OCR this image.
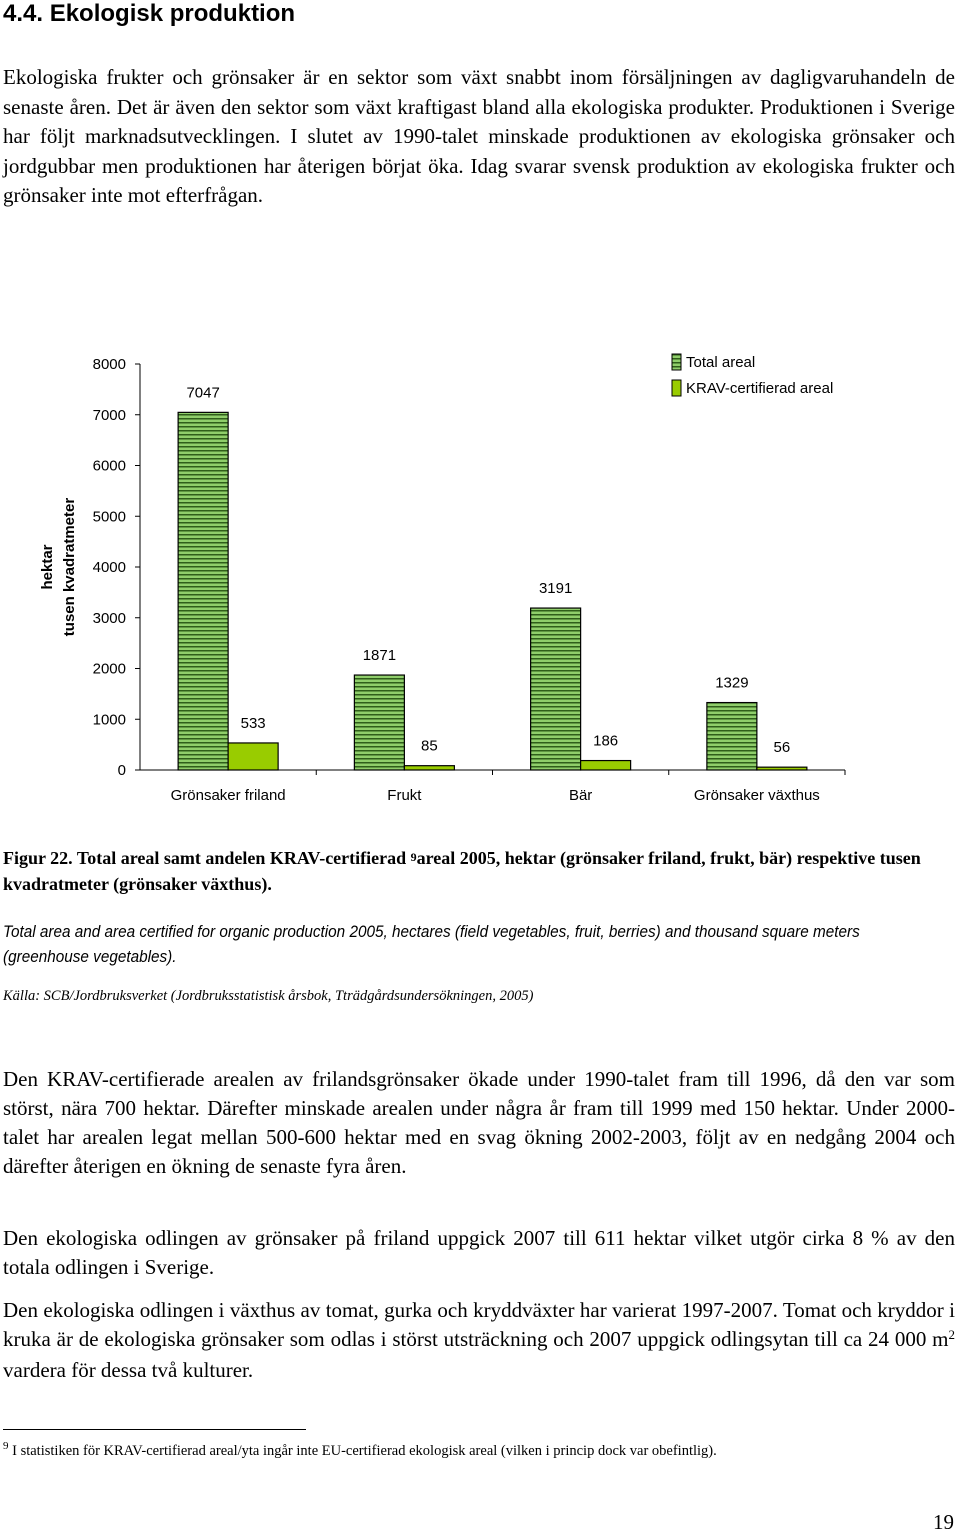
4.4. Ekologisk produktion
Ekologiska frukter och grönsaker är en sektor som växt snabbt inom försäljningen av dagligvaruhandeln de senaste åren. Det är även den sektor som växt kraftigast bland alla ekologiska produkter. Produktionen i Sverige har följt marknadsutvecklingen. I slutet av 1990-talet minskade produktionen av ekologiska grönsaker och jordgubbar men produktionen har återigen börjat öka. Idag svarar svensk produktion av ekologiska frukter och grönsaker inte mot efterfrågan.
0
1000
2000
3000
4000
5000
6000
7000
8000
hektar tusen kvadratmeter
Grönsaker friland	Frukt	Bär	Grönsaker växthus
7047
533
1871
85
3191
186
1329
56
Total areal
KRAV-certifierad areal
Figur 22. Total areal samt andelen KRAV-certifierad $^9$areal 2005, hektar (grönsaker friland, frukt, bär) respektive tusen kvadratmeter (grönsaker växthus).
Total area and area certified for organic production 2005, hectares (field vegetables, fruit, berries) and thousand square meters (greenhouse vegetables).
Källa: SCB/Jordbruksverket (Jordbruksstatistisk årsbok, Tträdgårdsundersökningen, 2005)
Den KRAV-certifierade arealen av frilandsgrönsaker ökade under 1990-talet fram till 1996, då den var som störst, nära 700 hektar. Därefter minskade arealen under några år fram till 1999 med 150 hektar. Under 2000-talet har arealen legat mellan 500-600 hektar med en svag ökning 2002-2003, följt av en nedgång 2004 och därefter återigen en ökning de senaste fyra åren.
Den ekologiska odlingen av grönsaker på friland uppgick 2007 till 611 hektar vilket utgör cirka 8 % av den totala odlingen i Sverige.
Den ekologiska odlingen i växthus av tomat, gurka och kryddväxter har varierat 1997-2007. Tomat och kryddor i kruka är de ekologiska grönsaker som odlas i störst utsträckning och 2007 uppgick odlingsytan till ca 24 000 $m^2$ vardera för dessa två kulturer.
$^9$ I statistiken för KRAV-certifierad areal/yta ingår inte EU-certifierad ekologisk areal (vilken i princip dock var obefintlig).
19
